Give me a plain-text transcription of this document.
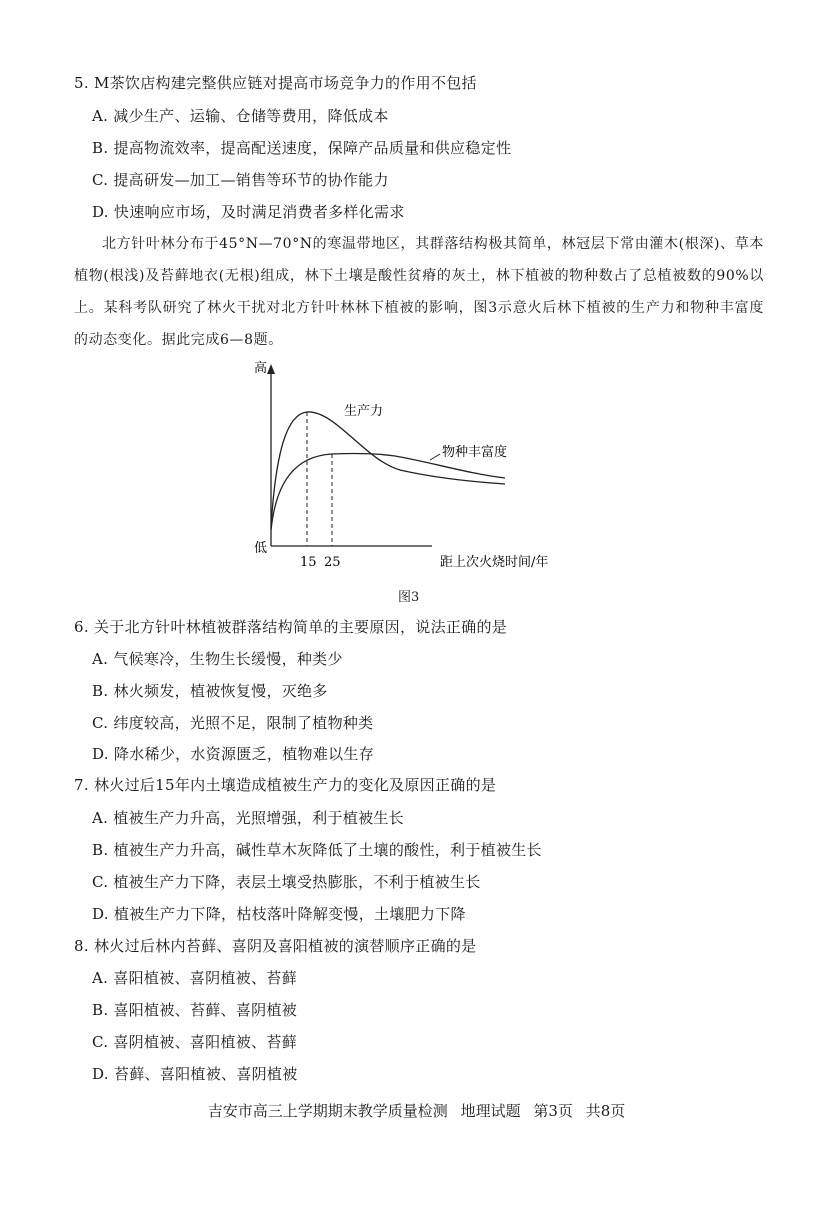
5. M茶饮店构建完整供应链对提高市场竞争力的作用不包括
A. 减少生产、运输、仓储等费用，降低成本
B. 提高物流效率，提高配送速度，保障产品质量和供应稳定性
C. 提高研发—加工—销售等环节的协作能力
D. 快速响应市场，及时满足消费者多样化需求
北方针叶林分布于45°N—70°N的寒温带地区，其群落结构极其简单，林冠层下常由灌木(根深)、草本植物(根浅)及苔藓地衣(无根)组成，林下土壤是酸性贫瘠的灰土，林下植被的物种数占了总植被数的90%以上。某科考队研究了林火干扰对北方针叶林林下植被的影响，图3示意火后林下植被的生产力和物种丰富度的动态变化。据此完成6—8题。
高
低
生产力
物种丰富度
15 25	距上次火烧时间/年
图3
6. 关于北方针叶林植被群落结构简单的主要原因，说法正确的是
A. 气候寒冷，生物生长缓慢，种类少
B. 林火频发，植被恢复慢，灭绝多
C. 纬度较高，光照不足，限制了植物种类
D. 降水稀少，水资源匮乏，植物难以生存
7. 林火过后15年内土壤造成植被生产力的变化及原因正确的是
A. 植被生产力升高，光照增强，利于植被生长
B. 植被生产力升高，碱性草木灰降低了土壤的酸性，利于植被生长
C. 植被生产力下降，表层土壤受热膨胀，不利于植被生长
D. 植被生产力下降，枯枝落叶降解变慢，土壤肥力下降
8. 林火过后林内苔藓、喜阴及喜阳植被的演替顺序正确的是
A. 喜阳植被、喜阴植被、苔藓
B. 喜阳植被、苔藓、喜阴植被
C. 喜阴植被、喜阳植被、苔藓
D. 苔藓、喜阳植被、喜阴植被
吉安市高三上学期期末教学质量检测 地理试题 第3页 共8页
